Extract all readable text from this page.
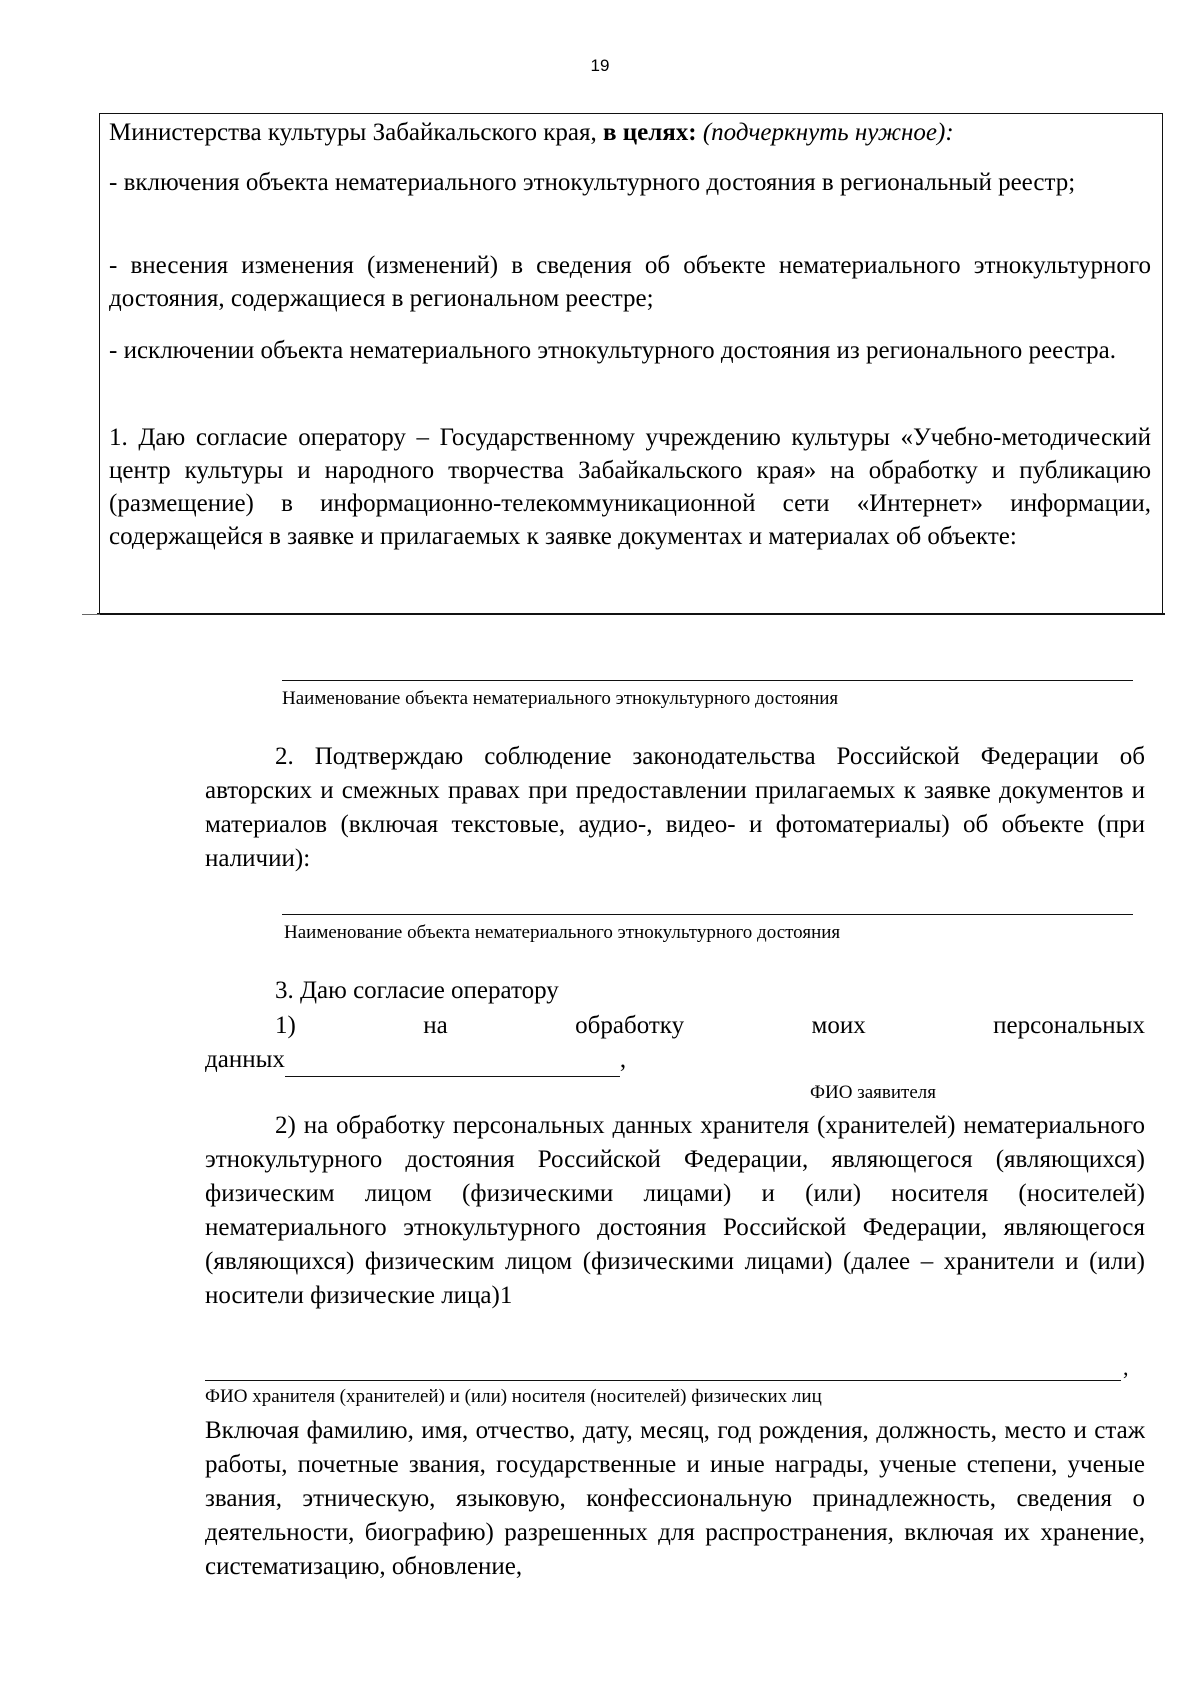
19
Министерства культуры Забайкальского края, в целях: (подчеркнуть нужное):
- включения объекта нематериального этнокультурного достояния в региональный реестр;
- внесения изменения (изменений) в сведения об объекте нематериального этнокультурного достояния, содержащиеся в региональном реестре;
- исключении объекта нематериального этнокультурного достояния из регионального реестра.
1. Даю согласие оператору – Государственному учреждению культуры «Учебно-методический центр культуры и народного творчества Забайкальского края» на обработку и публикацию (размещение) в информационно-телекоммуникационной сети «Интернет» информации, содержащейся в заявке и прилагаемых к заявке документах и материалах об объекте:
Наименование объекта нематериального этнокультурного достояния
2. Подтверждаю соблюдение законодательства Российской Федерации об авторских и смежных правах при предоставлении прилагаемых к заявке документов и материалов (включая текстовые, аудио-, видео- и фотоматериалы) об объекте (при наличии):
Наименование объекта нематериального этнокультурного достояния
3. Даю согласие оператору
1)	на	обработку	моих	персональных
данных	,
ФИО заявителя
2) на обработку персональных данных хранителя (хранителей) нематериального этнокультурного достояния Российской Федерации, являющегося (являющихся) физическим лицом (физическими лицами) и (или) носителя (носителей) нематериального этнокультурного достояния Российской Федерации, являющегося (являющихся) физическим лицом (физическими лицами) (далее – хранители и (или) носители физические лица)1
,
ФИО хранителя (хранителей) и (или) носителя (носителей) физических лиц
Включая фамилию, имя, отчество, дату, месяц, год рождения, должность, место и стаж работы, почетные звания, государственные и иные награды, ученые степени, ученые звания, этническую, языковую, конфессиональную принадлежность, сведения о деятельности, биографию) разрешенных для распространения, включая их хранение, систематизацию, обновление,
